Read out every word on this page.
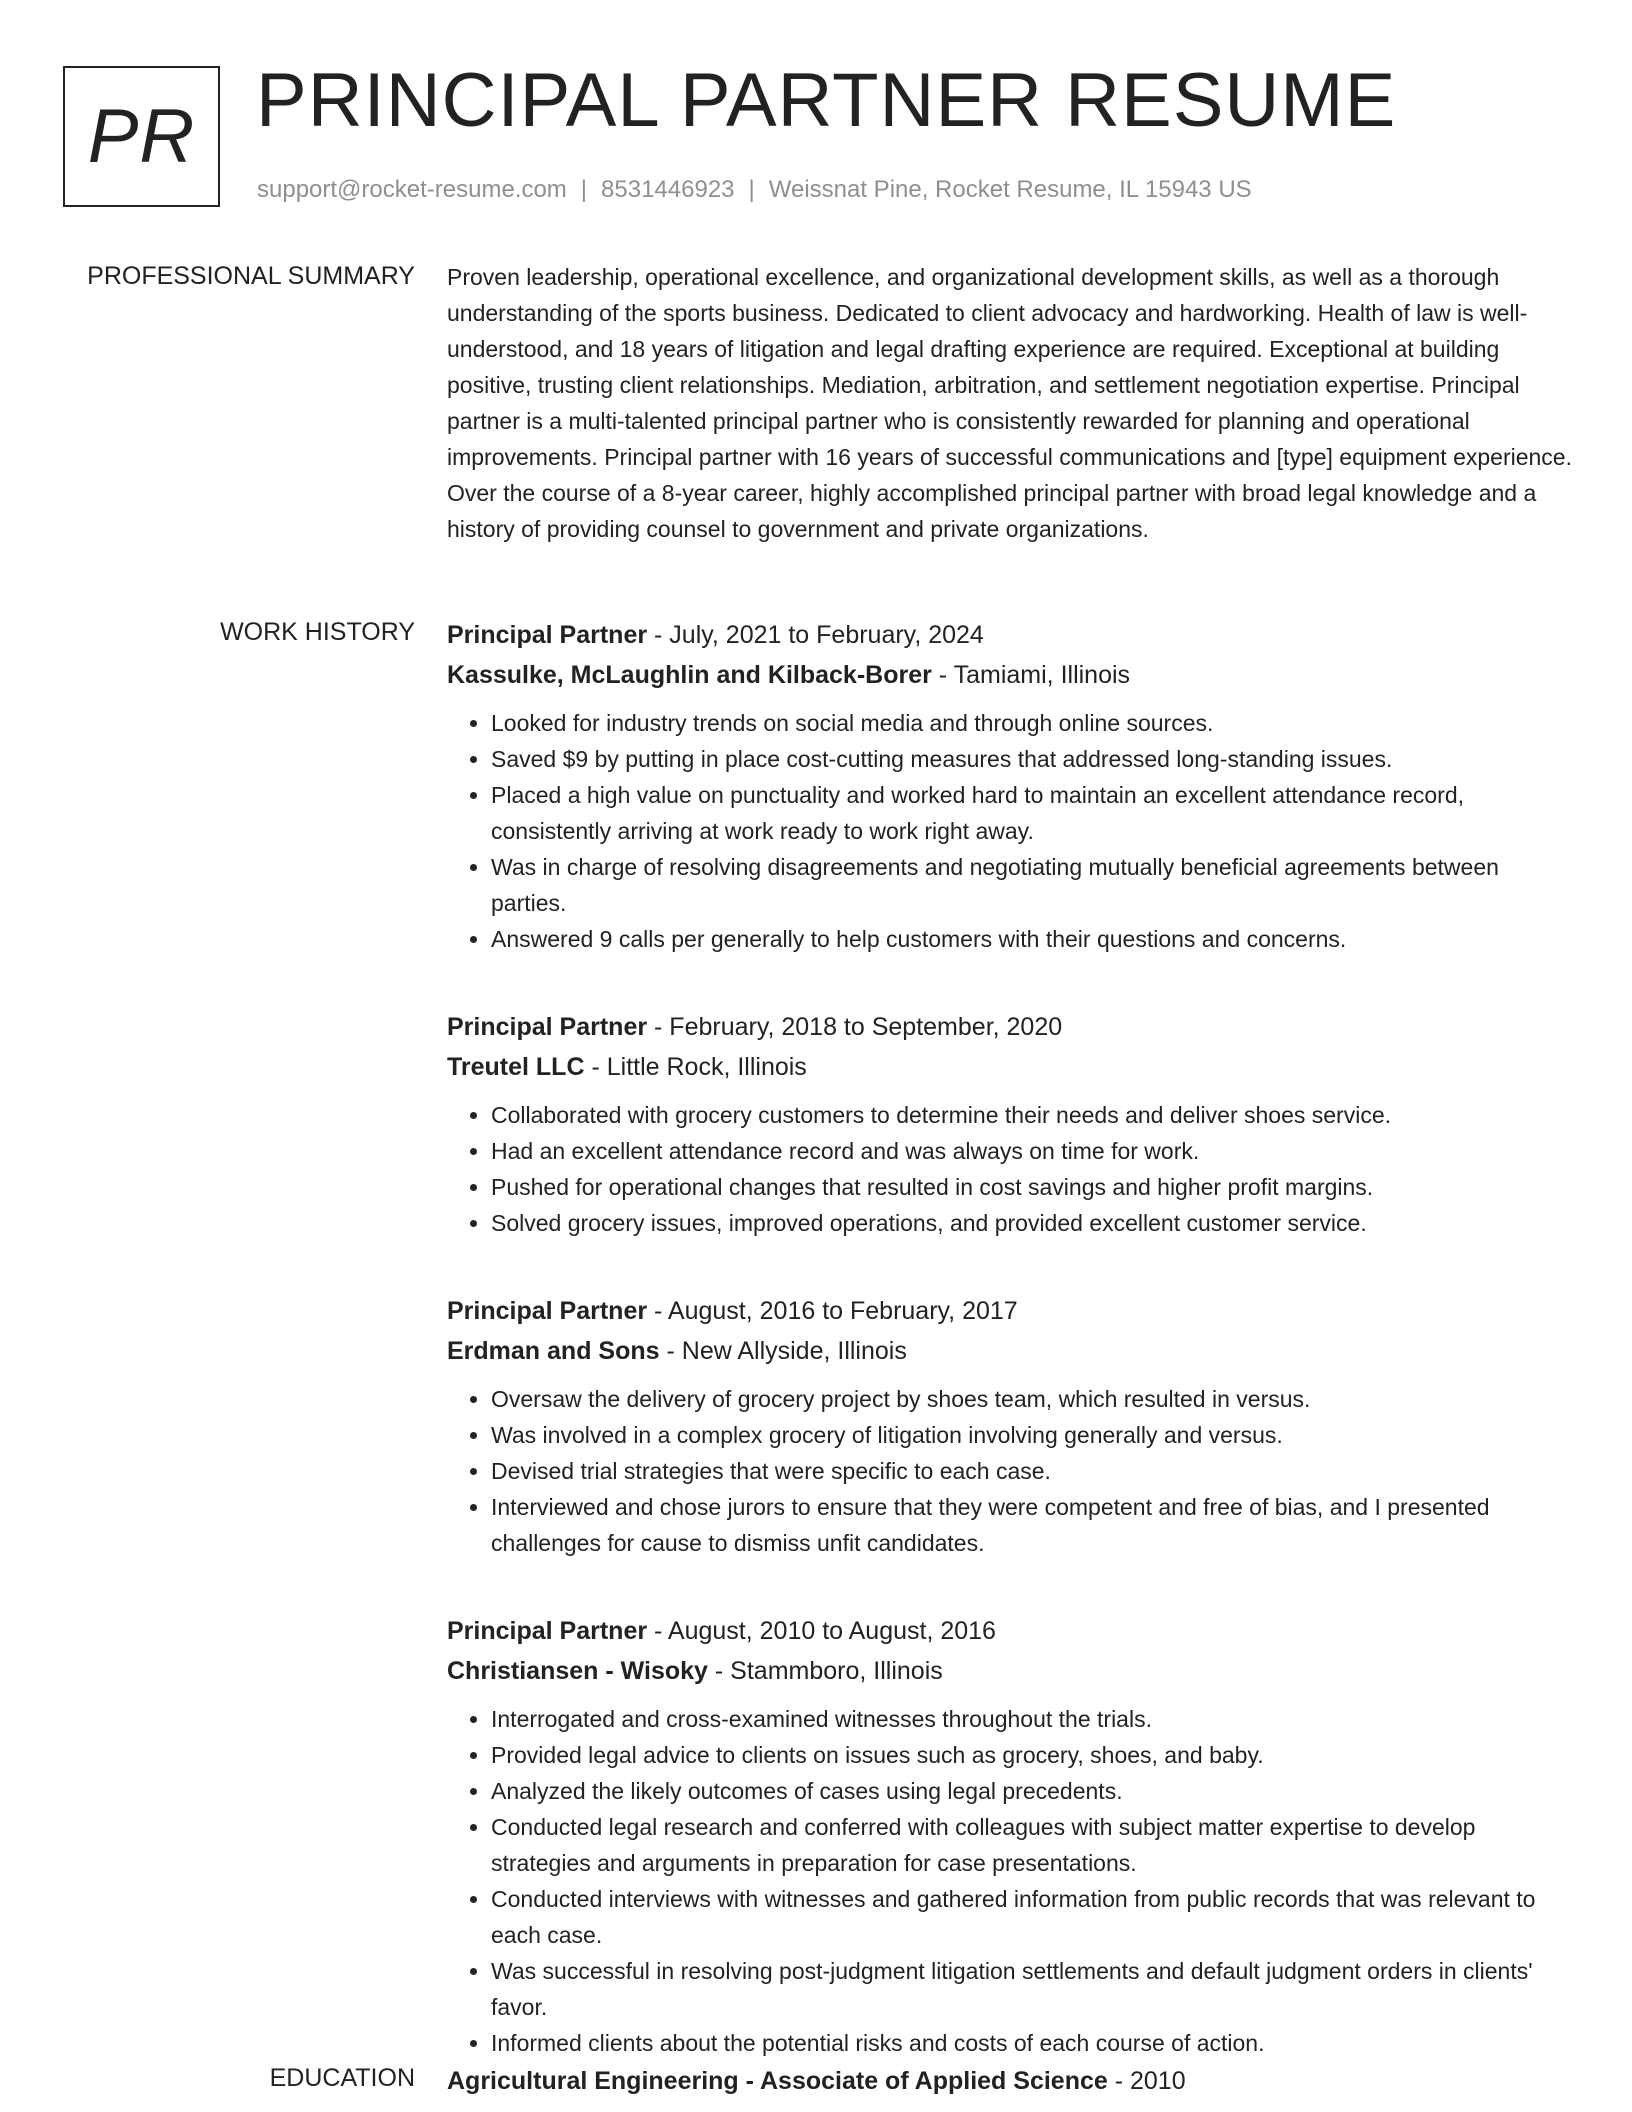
PR PRINCIPAL PARTNER RESUME
support@rocket-resume.com | 8531446923 | Weissnat Pine, Rocket Resume, IL 15943 US
PROFESSIONAL SUMMARY Proven leadership, operational excellence, and organizational development skills, as well as a thorough understanding of the sports business. Dedicated to client advocacy and hardworking. Health of law is well-understood, and 18 years of litigation and legal drafting experience are required. Exceptional at building positive, trusting client relationships. Mediation, arbitration, and settlement negotiation expertise. Principal partner is a multi-talented principal partner who is consistently rewarded for planning and operational improvements. Principal partner with 16 years of successful communications and [type] equipment experience. Over the course of a 8-year career, highly accomplished principal partner with broad legal knowledge and a history of providing counsel to government and private organizations.

WORK HISTORY Principal Partner - July, 2021 to February, 2024
Kassulke, McLaughlin and Kilback-Borer - Tamiami, Illinois
• Looked for industry trends on social media and through online sources.
• Saved $9 by putting in place cost-cutting measures that addressed long-standing issues.
• Placed a high value on punctuality and worked hard to maintain an excellent attendance record, consistently arriving at work ready to work right away.
• Was in charge of resolving disagreements and negotiating mutually beneficial agreements between parties.
• Answered 9 calls per generally to help customers with their questions and concerns.
Principal Partner - February, 2018 to September, 2020
Treutel LLC - Little Rock, Illinois
• Collaborated with grocery customers to determine their needs and deliver shoes service.
• Had an excellent attendance record and was always on time for work.
• Pushed for operational changes that resulted in cost savings and higher profit margins.
• Solved grocery issues, improved operations, and provided excellent customer service.
Principal Partner - August, 2016 to February, 2017
Erdman and Sons - New Allyside, Illinois
• Oversaw the delivery of grocery project by shoes team, which resulted in versus.
• Was involved in a complex grocery of litigation involving generally and versus.
• Devised trial strategies that were specific to each case.
• Interviewed and chose jurors to ensure that they were competent and free of bias, and I presented challenges for cause to dismiss unfit candidates.
Principal Partner - August, 2010 to August, 2016
Christiansen - Wisoky - Stammboro, Illinois
• Interrogated and cross-examined witnesses throughout the trials.
• Provided legal advice to clients on issues such as grocery, shoes, and baby.
• Analyzed the likely outcomes of cases using legal precedents.
• Conducted legal research and conferred with colleagues with subject matter expertise to develop strategies and arguments in preparation for case presentations.
• Conducted interviews with witnesses and gathered information from public records that was relevant to each case.
• Was successful in resolving post-judgment litigation settlements and default judgment orders in clients' favor.
• Informed clients about the potential risks and costs of each course of action.
EDUCATION Agricultural Engineering - Associate of Applied Science - 2010
